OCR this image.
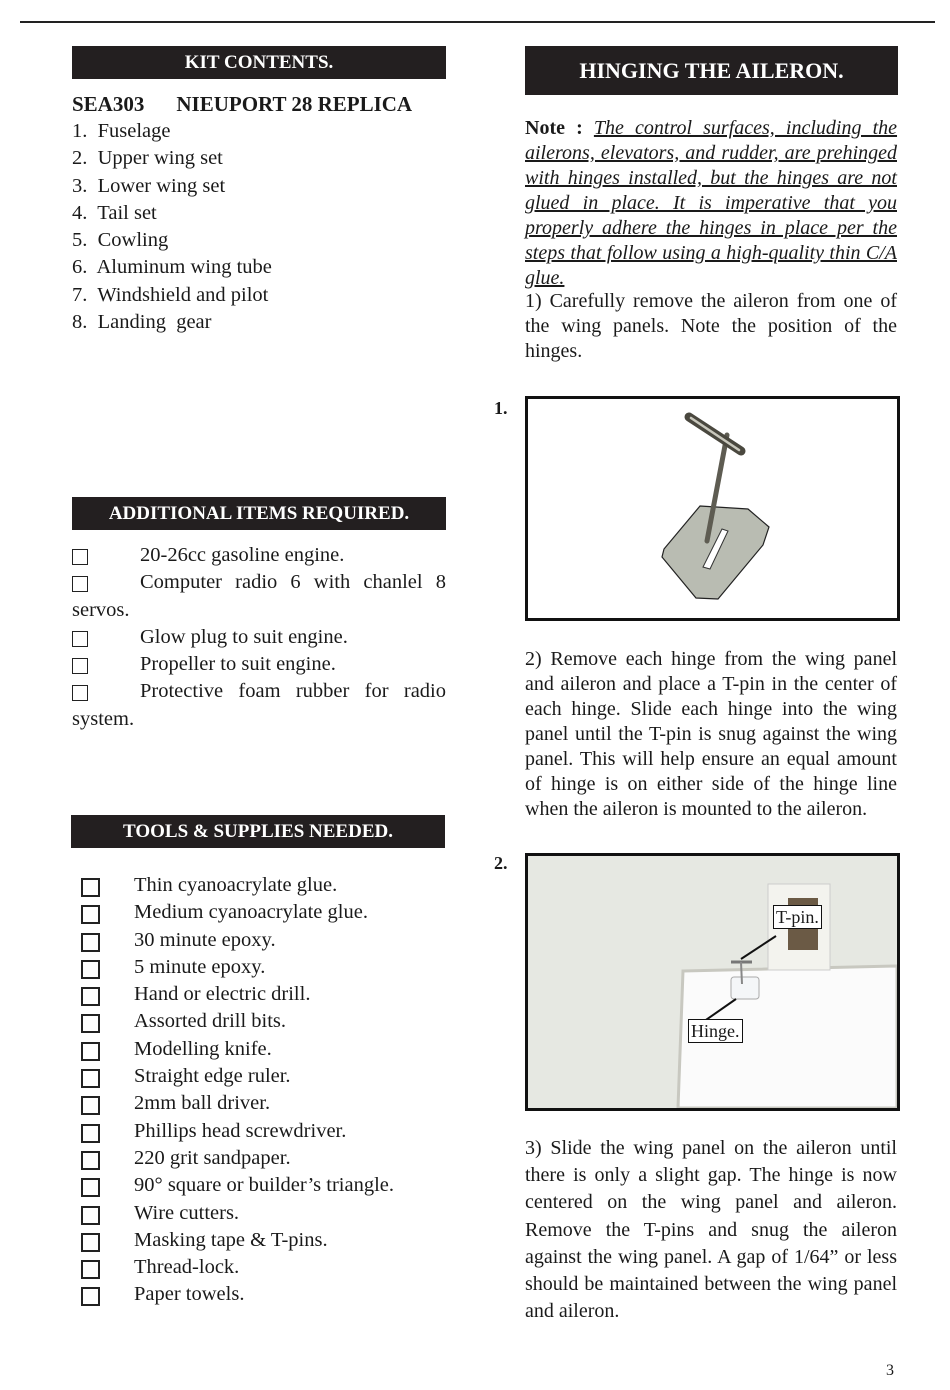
KIT CONTENTS.
SEA303 NIEUPORT 28 REPLICA
1.  Fuselage
2.  Upper wing set
3.  Lower wing set
4.  Tail set
5.  Cowling
6.  Aluminum wing tube
7.  Windshield and pilot
8.  Landing  gear
ADDITIONAL ITEMS REQUIRED.
20-26cc gasoline engine.
Computer radio 6 with chanlel 8 servos.
Glow plug to suit engine.
Propeller to suit engine.
Protective foam rubber for radio system.
TOOLS & SUPPLIES NEEDED.
Thin cyanoacrylate glue.
Medium cyanoacrylate glue.
30 minute epoxy.
5 minute epoxy.
Hand or electric drill.
Assorted drill bits.
Modelling knife.
Straight edge ruler.
2mm ball driver.
Phillips head screwdriver.
220 grit sandpaper.
90° square or builder’s triangle.
Wire cutters.
Masking tape & T-pins.
Thread-lock.
Paper towels.
HINGING THE AILERON.
Note : The control surfaces, including the ailerons, elevators, and rudder, are prehinged with hinges installed, but the hinges are not glued in place. It is imperative that you properly adhere the hinges in place per the steps that follow using a high-quality thin C/A glue.
1) Carefully remove the aileron from one of the wing panels. Note the position of the hinges.
1.
2) Remove each hinge from the wing panel and aileron and place a T-pin in the center of each hinge. Slide each hinge into the wing panel until the T-pin is snug against the wing panel. This will help ensure an equal amount of hinge is on either side of the hinge line when the aileron is mounted to the aileron.
2.
T-pin.
Hinge.
3) Slide the wing panel on the aileron until there is only a slight gap. The hinge is now centered on the wing panel and aileron. Remove the T-pins and snug the aileron against the wing panel. A gap of 1/64” or less should be maintained between the wing panel and aileron.
3
